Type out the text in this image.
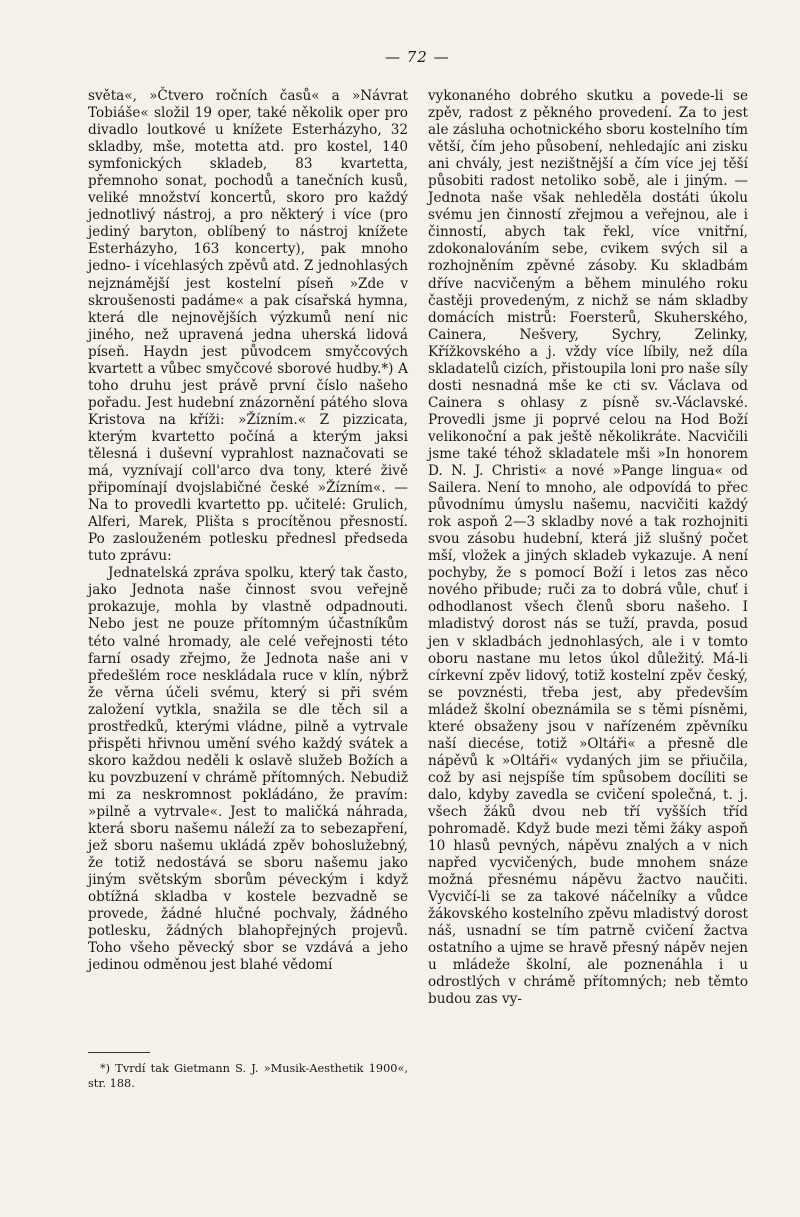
— 72 —

světa«, »Čtvero ročních časů« a »Návrat Tobiáše« složil 19 oper, také několik oper pro divadlo loutkové u knížete Esterházyho, 32 skladby, mše, motetta atd. pro kostel, 140 symfonických skladeb, 83 kvartetta, přemnoho sonat, pochodů a tanečních kusů, veliké množství koncertů, skoro pro každý jednotlivý nástroj, a pro některý i více (pro jediný baryton, oblíbený to nástroj knížete Esterházyho, 163 koncerty), pak mnoho jedno- i vícehlasých zpěvů atd. Z jednohlasých nejznámější jest kostelní píseň »Zde v skroušenosti padáme« a pak císařská hymna, která dle nejnovějších výzkumů není nic jiného, než upravená jedna uherská lidová píseň. Haydn jest původcem smyčcových kvartett a vůbec smyčcové sborové hudby.*) A toho druhu jest právě první číslo našeho pořadu. Jest hudební znázornění pátého slova Kristova na kříži: »Žízním.« Z pizzicata, kterým kvartetto počíná a kterým jaksi tělesná i duševní vyprahlost naznačovati se má, vyznívají coll'arco dva tony, které živě připomínají dvojslabičné české »Žízním«. — Na to provedli kvartetto pp. učitelé: Grulich, Alferi, Marek, Plišta s procítěnou přesností. Po zaslouženém potlesku přednesl předseda tuto zprávu:

Jednatelská zpráva spolku, který tak často, jako Jednota naše činnost svou veřejně prokazuje, mohla by vlastně odpadnouti. Nebo jest ne pouze přítomným účastníkům této valné hromady, ale celé veřejnosti této farní osady zřejmo, že Jednota naše ani v předešlém roce neskládala ruce v klín, nýbrž že věrna účeli svému, který si při svém založení vytkla, snažila se dle těch sil a prostředků, kterými vládne, pilně a vytrvale přispěti hřivnou umění svého každý svátek a skoro každou neděli k oslavě služeb Božích a ku povzbuzení v chrámě přítomných. Nebudiž mi za neskromnost pokládáno, že pravím: »pilně a vytrvale«. Jest to maličká náhrada, která sboru našemu náleží za to sebezapření, jež sboru našemu ukládá zpěv bohoslužebný, že totiž nedostává se sboru našemu jako jiným světským sborům péveckým i když obtížná skladba v kostele bezvadně se provede, žádné hlučné pochvaly, žádného potlesku, žádných blahopřejných projevů. Toho všeho pěvecký sbor se vzdává a jeho jedinou odměnou jest blahé vědomí

*) Tvrdí tak Gietmann S. J. »Musik-Aesthetik 1900«, str. 188.

vykonaného dobrého skutku a povede-li se zpěv, radost z pěkného provedení. Za to jest ale zásluha ochotnického sboru kostelního tím větší, čím jeho působení, nehledajíc ani zisku ani chvály, jest nezištnější a čím více jej těší působiti radost netoliko sobě, ale i jiným. — Jednota naše však nehleděla dostáti úkolu svému jen činností zřejmou a veřejnou, ale i činností, abych tak řekl, více vnitřní, zdokonalováním sebe, cvikem svých sil a rozhojněním zpěvné zásoby. Ku skladbám dříve nacvičeným a během minulého roku častěji provedeným, z nichž se nám skladby domácích mistrů: Foersterů, Skuherského, Cainera, Nešvery, Sychry, Zelinky, Křížkovského a j. vždy více líbily, než díla skladatelů cizích, přistoupila loni pro naše síly dosti nesnadná mše ke cti sv. Václava od Cainera s ohlasy z písně sv.-Václavské. Provedli jsme ji poprvé celou na Hod Boží velikonoční a pak ještě několikráte. Nacvičili jsme také téhož skladatele mši »In honorem D. N. J. Christi« a nové »Pange lingua« od Sailera. Není to mnoho, ale odpovídá to přec původnímu úmyslu našemu, nacvičiti každý rok aspoň 2—3 skladby nové a tak rozhojniti svou zásobu hudební, která již slušný počet mší, vložek a jiných skladeb vykazuje. A není pochyby, že s pomocí Boží i letos zas něco nového přibude; ruči za to dobrá vůle, chuť i odhodlanost všech členů sboru našeho. I mladistvý dorost nás se tuží, pravda, posud jen v skladbách jednohlasých, ale i v tomto oboru nastane mu letos úkol důležitý. Má-li církevní zpěv lidový, totiž kostelní zpěv český, se povznésti, třeba jest, aby především mládež školní obeznámila se s těmi písněmi, které obsaženy jsou v nařízeném zpěvníku naší diecése, totiž »Oltáři« a přesně dle nápěvů k »Oltáři« vydaných jim se přiučila, což by asi nejspíše tím spůsobem docíliti se dalo, kdyby zavedla se cvičení společná, t. j. všech žáků dvou neb tří vyšších tříd pohromadě. Když bude mezi těmi žáky aspoň 10 hlasů pevných, nápěvu znalých a v nich napřed vycvičených, bude mnohem snáze možná přesnému nápěvu žactvo naučiti. Vycvičí-li se za takové náčelníky a vůdce žákovského kostelního zpěvu mladistvý dorost náš, usnadní se tím patrně cvičení žactva ostatního a ujme se hravě přesný nápěv nejen u mládeže školní, ale poznenáhla i u odrostlých v chrámě přítomných; neb těmto budou zas vy-
